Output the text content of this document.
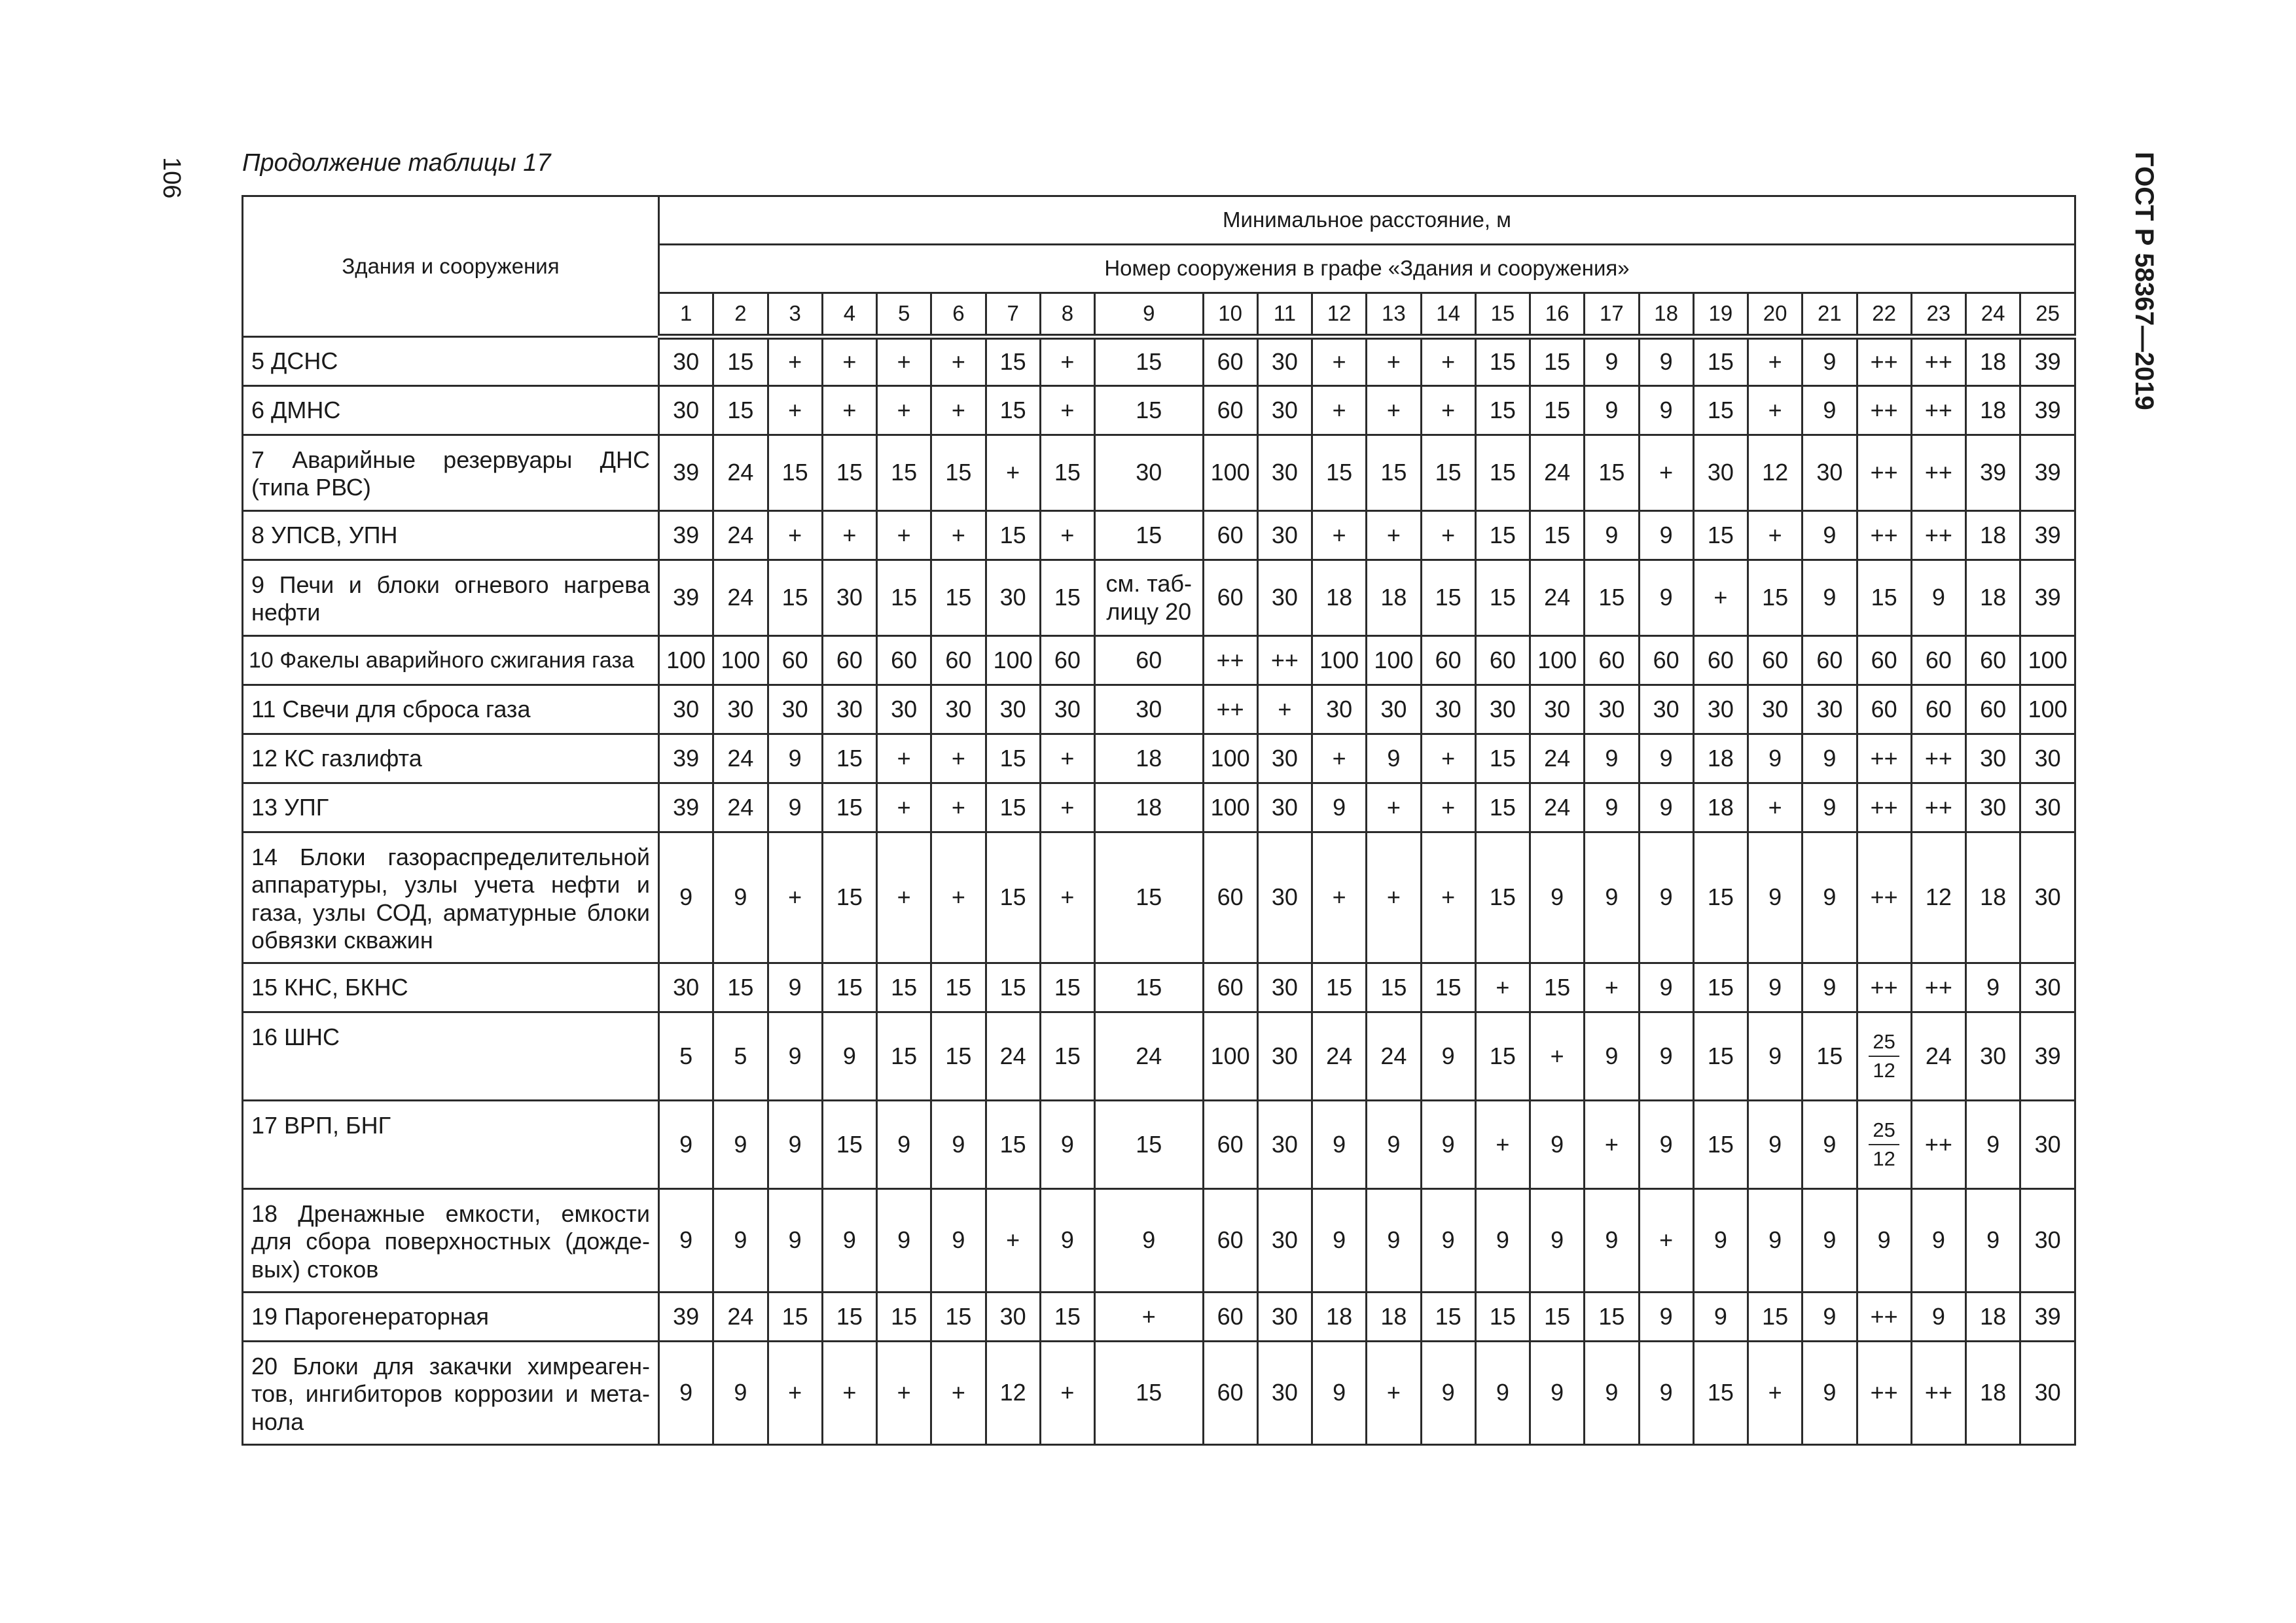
106 Продолжение таблицы 17	ГОСТ Р 58367—2019
Здания и сооружения	Минимальное расстояние, м																								
	Номер сооружения в графе «Здания и сооружения»																								
	1	2	3	4	5	6	7	8	9	10	11	12	13	14	15	16	17	18	19	20	21	22	23	24	25
5 ДСНС	30	15	+	+	+	+	15	+	15	60	30	+	+	+	15	15	9	9	15	+	9	++	++	18	39
6 ДМНС	30	15	+	+	+	+	15	+	15	60	30	+	+	+	15	15	9	9	15	+	9	++	++	18	39
7 Аварийные резервуары ДНС (типа РВС)	39	24	15	15	15	15	+	15	30	100	30	15	15	15	15	24	15	+	30	12	30	++	++	39	39
8 УПСВ, УПН	39	24	+	+	+	+	15	+	15	60	30	+	+	+	15	15	9	9	15	+	9	++	++	18	39
9 Печи и блоки огневого нагрева нефти	39	24	15	30	15	15	30	15	см. таб-лицу 20	60	30	18	18	15	15	24	15	9	+	15	9	15	9	18	39
10 Факелы аварийного сжигания газа	100	100	60	60	60	60	100	60	60	++	++	100	100	60	60	100	60	60	60	60	60	60	60	60	100
11 Свечи для сброса газа	30	30	30	30	30	30	30	30	30	++	+	30	30	30	30	30	30	30	30	30	30	60	60	60	100
12 КС газлифта	39	24	9	15	+	+	15	+	18	100	30	+	9	+	15	24	9	9	18	9	9	++	++	30	30
13 УПГ	39	24	9	15	+	+	15	+	18	100	30	9	+	+	15	24	9	9	18	+	9	++	++	30	30
14 Блоки газораспределительной аппаратуры, узлы учета нефти и газа, узлы СОД, арматурные блоки обвязки скважин	9	9	+	15	+	+	15	+	15	60	30	+	+	+	15	9	9	9	15	9	9	++	12	18	30
15 КНС, БКНС	30	15	9	15	15	15	15	15	15	60	30	15	15	15	+	15	+	9	15	9	9	++	++	9	30
16 ШНС	5	5	9	9	15	15	24	15	24	100	30	24	24	9	15	+	9	9	15	9	15	$\frac{25}{12}$	24	30	39
17 ВРП, БНГ	9	9	9	15	9	9	15	9	15	60	30	9	9	9	+	9	+	9	15	9	9	$\frac{25}{12}$	++	9	30
18 Дренажные емкости, емкости для сбора поверхностных (дожде-вых) стоков	9	9	9	9	9	9	+	9	9	60	30	9	9	9	9	9	9	+	9	9	9	9	9	9	30
19 Парогенераторная	39	24	15	15	15	15	30	15	+	60	30	18	18	15	15	15	15	9	9	15	9	++	9	18	39
20 Блоки для закачки химреаген-тов, ингибиторов коррозии и мета-нола	9	9	+	+	+	+	12	+	15	60	30	9	+	9	9	9	9	9	15	+	9	++	++	18	30
